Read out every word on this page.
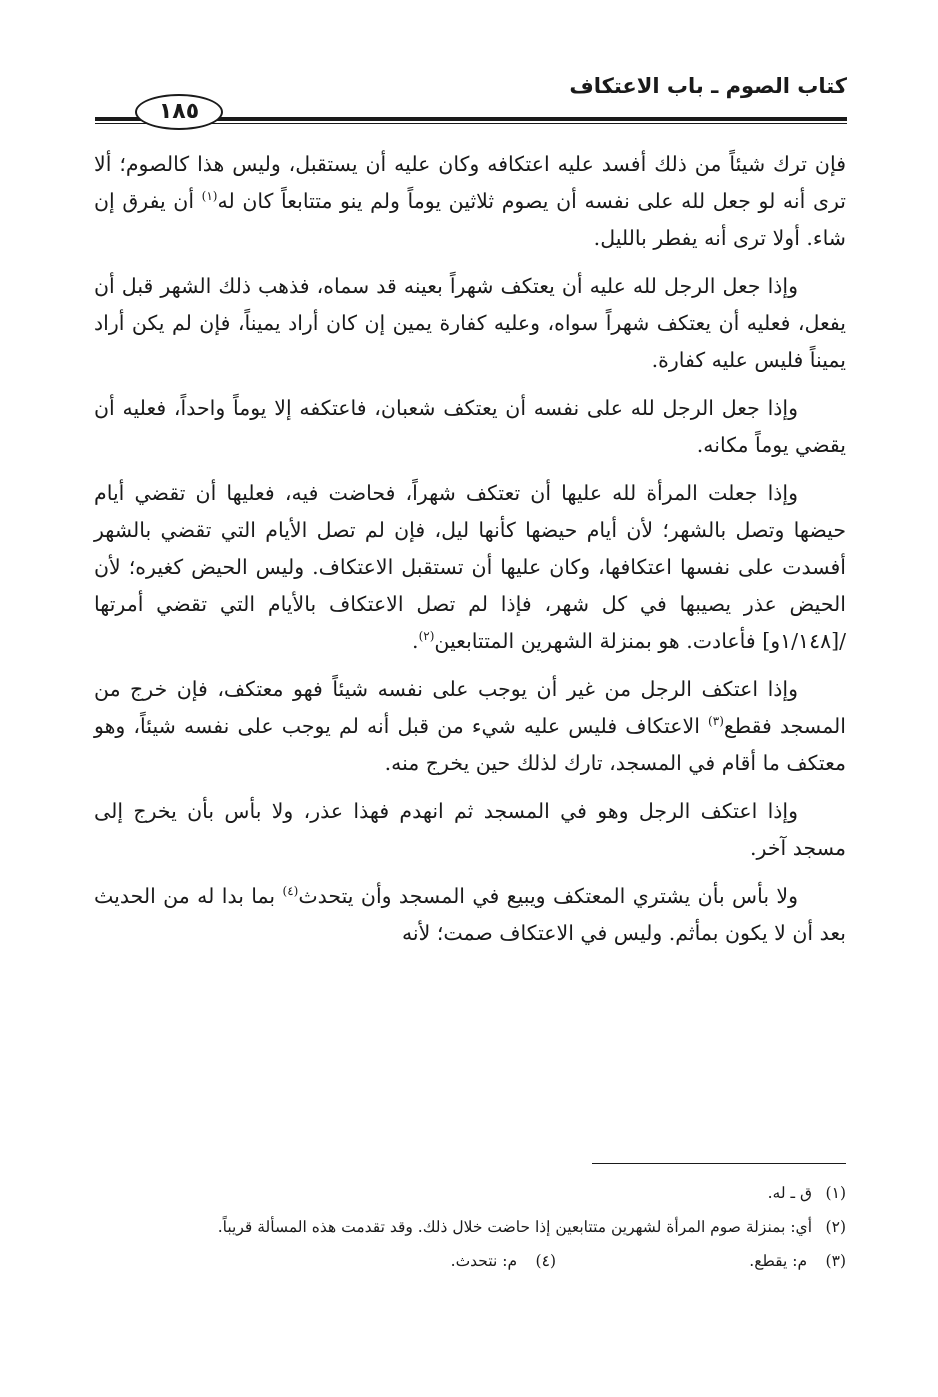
كتاب الصوم ـ باب الاعتكاف
١٨٥

فإن ترك شيئاً من ذلك أفسد عليه اعتكافه وكان عليه أن يستقبل، وليس هذا كالصوم؛ ألا ترى أنه لو جعل لله على نفسه أن يصوم ثلاثين يوماً ولم ينو متتابعاً كان له$^{(١)}$ أن يفرق إن شاء. أولا ترى أنه يفطر بالليل.

وإذا جعل الرجل لله عليه أن يعتكف شهراً بعينه قد سماه، فذهب ذلك الشهر قبل أن يفعل، فعليه أن يعتكف شهراً سواه، وعليه كفارة يمين إن كان أراد يميناً، فإن لم يكن أراد يميناً فليس عليه كفارة.

وإذا جعل الرجل لله على نفسه أن يعتكف شعبان، فاعتكفه إلا يوماً واحداً، فعليه أن يقضي يوماً مكانه.

وإذا جعلت المرأة لله عليها أن تعتكف شهراً، فحاضت فيه، فعليها أن تقضي أيام حيضها وتصل بالشهر؛ لأن أيام حيضها كأنها ليل، فإن لم تصل الأيام التي تقضي بالشهر أفسدت على نفسها اعتكافها، وكان عليها أن تستقبل الاعتكاف. وليس الحيض كغيره؛ لأن الحيض عذر يصيبها في كل شهر، فإذا لم تصل الاعتكاف بالأيام التي تقضي أمرتها /[١/١٤٨و] فأعادت. هو بمنزلة الشهرين المتتابعين$^{(٢)}$.

وإذا اعتكف الرجل من غير أن يوجب على نفسه شيئاً فهو معتكف، فإن خرج من المسجد فقطع$^{(٣)}$ الاعتكاف فليس عليه شيء من قبل أنه لم يوجب على نفسه شيئاً، وهو معتكف ما أقام في المسجد، تارك لذلك حين يخرج منه.

وإذا اعتكف الرجل وهو في المسجد ثم انهدم فهذا عذر، ولا بأس بأن يخرج إلى مسجد آخر.

ولا بأس بأن يشتري المعتكف ويبيع في المسجد وأن يتحدث$^{(٤)}$ بما بدا له من الحديث بعد أن لا يكون بمأثم. وليس في الاعتكاف صمت؛ لأنه

(١)
ق ـ له.
(٢)
أي: بمنزلة صوم المرأة لشهرين متتابعين إذا حاضت خلال ذلك. وقد تقدمت هذه المسألة قريباً.
(٣) م: يقطع.
(٤) م: نتحدث.
